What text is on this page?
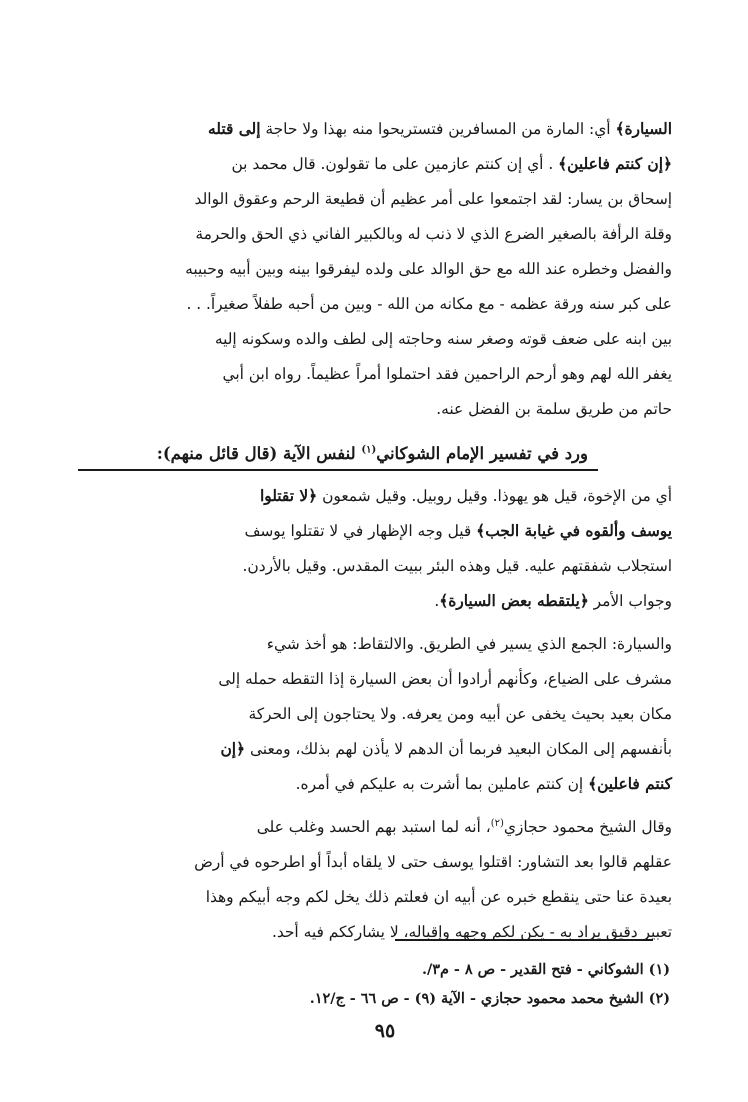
السيارة﴾ أي: المارة من المسافرين فتستريحوا منه بهذا ولا حاجة إلى قتله

﴿إن كنتم فاعلين﴾ . أي إن كنتم عازمين على ما تقولون. قال محمد بن

إسحاق بن يسار: لقد اجتمعوا على أمر عظيم أن قطيعة الرحم وعقوق الوالد

وقلة الرأفة بالصغير الضرع الذي لا ذنب له وبالكبير الفاني ذي الحق والحرمة

والفضل وخطره عند الله مع حق الوالد على ولده ليفرقوا بينه وبين أبيه وحبيبه

على كبر سنه ورقة عظمه - مع مكانه من الله - وبين من أحبه طفلاً صغيراً. . .

بين ابنه على ضعف قوته وصغر سنه وحاجته إلى لطف والده وسكونه إليه

يغفر الله لهم وهو أرحم الراحمين فقد احتملوا أمراً عظيماً. رواه ابن أبي

حاتم من طريق سلمة بن الفضل عنه.

ورد في تفسير الإمام الشوكاني$^{(١)}$ لنفس الآية (قال قائل منهم):

أي من الإخوة، قيل هو يهوذا. وقيل روبيل. وقيل شمعون ﴿لا تقتلوا

يوسف وألقوه في غيابة الجب﴾ قيل وجه الإظهار في لا تقتلوا يوسف

استجلاب شفقتهم عليه. قيل وهذه البئر ببيت المقدس. وقيل بالأردن.

وجواب الأمر ﴿يلتقطه بعض السيارة﴾.

والسيارة: الجمع الذي يسير في الطريق. والالتقاط: هو أخذ شيء

مشرف على الضياع، وكأنهم أرادوا أن بعض السيارة إذا التقطه حمله إلى

مكان بعيد بحيث يخفى عن أبيه ومن يعرفه. ولا يحتاجون إلى الحركة

بأنفسهم إلى المكان البعيد فربما أن الدهم لا يأذن لهم بذلك، ومعنى ﴿إن

كنتم فاعلين﴾ إن كنتم عاملين بما أشرت به عليكم في أمره.

وقال الشيخ محمود حجازي$^{(٢)}$، أنه لما استبد بهم الحسد وغلب على

عقلهم قالوا بعد التشاور: اقتلوا يوسف حتى لا يلقاه أبداً أو اطرحوه في أرض

بعيدة عنا حتى ينقطع خبره عن أبيه ان فعلتم ذلك يخل لكم وجه أبيكم وهذا

تعبير دقيق يراد به - يكن لكم وجهه وإقباله، لا يشارككم فيه أحد.

(١) الشوكاني - فتح القدير - ص ٨ - م٣/.

(٢) الشيخ محمد محمود حجازي - الآية (٩) - ص ٦٦ - ج/١٢.

٩٥
